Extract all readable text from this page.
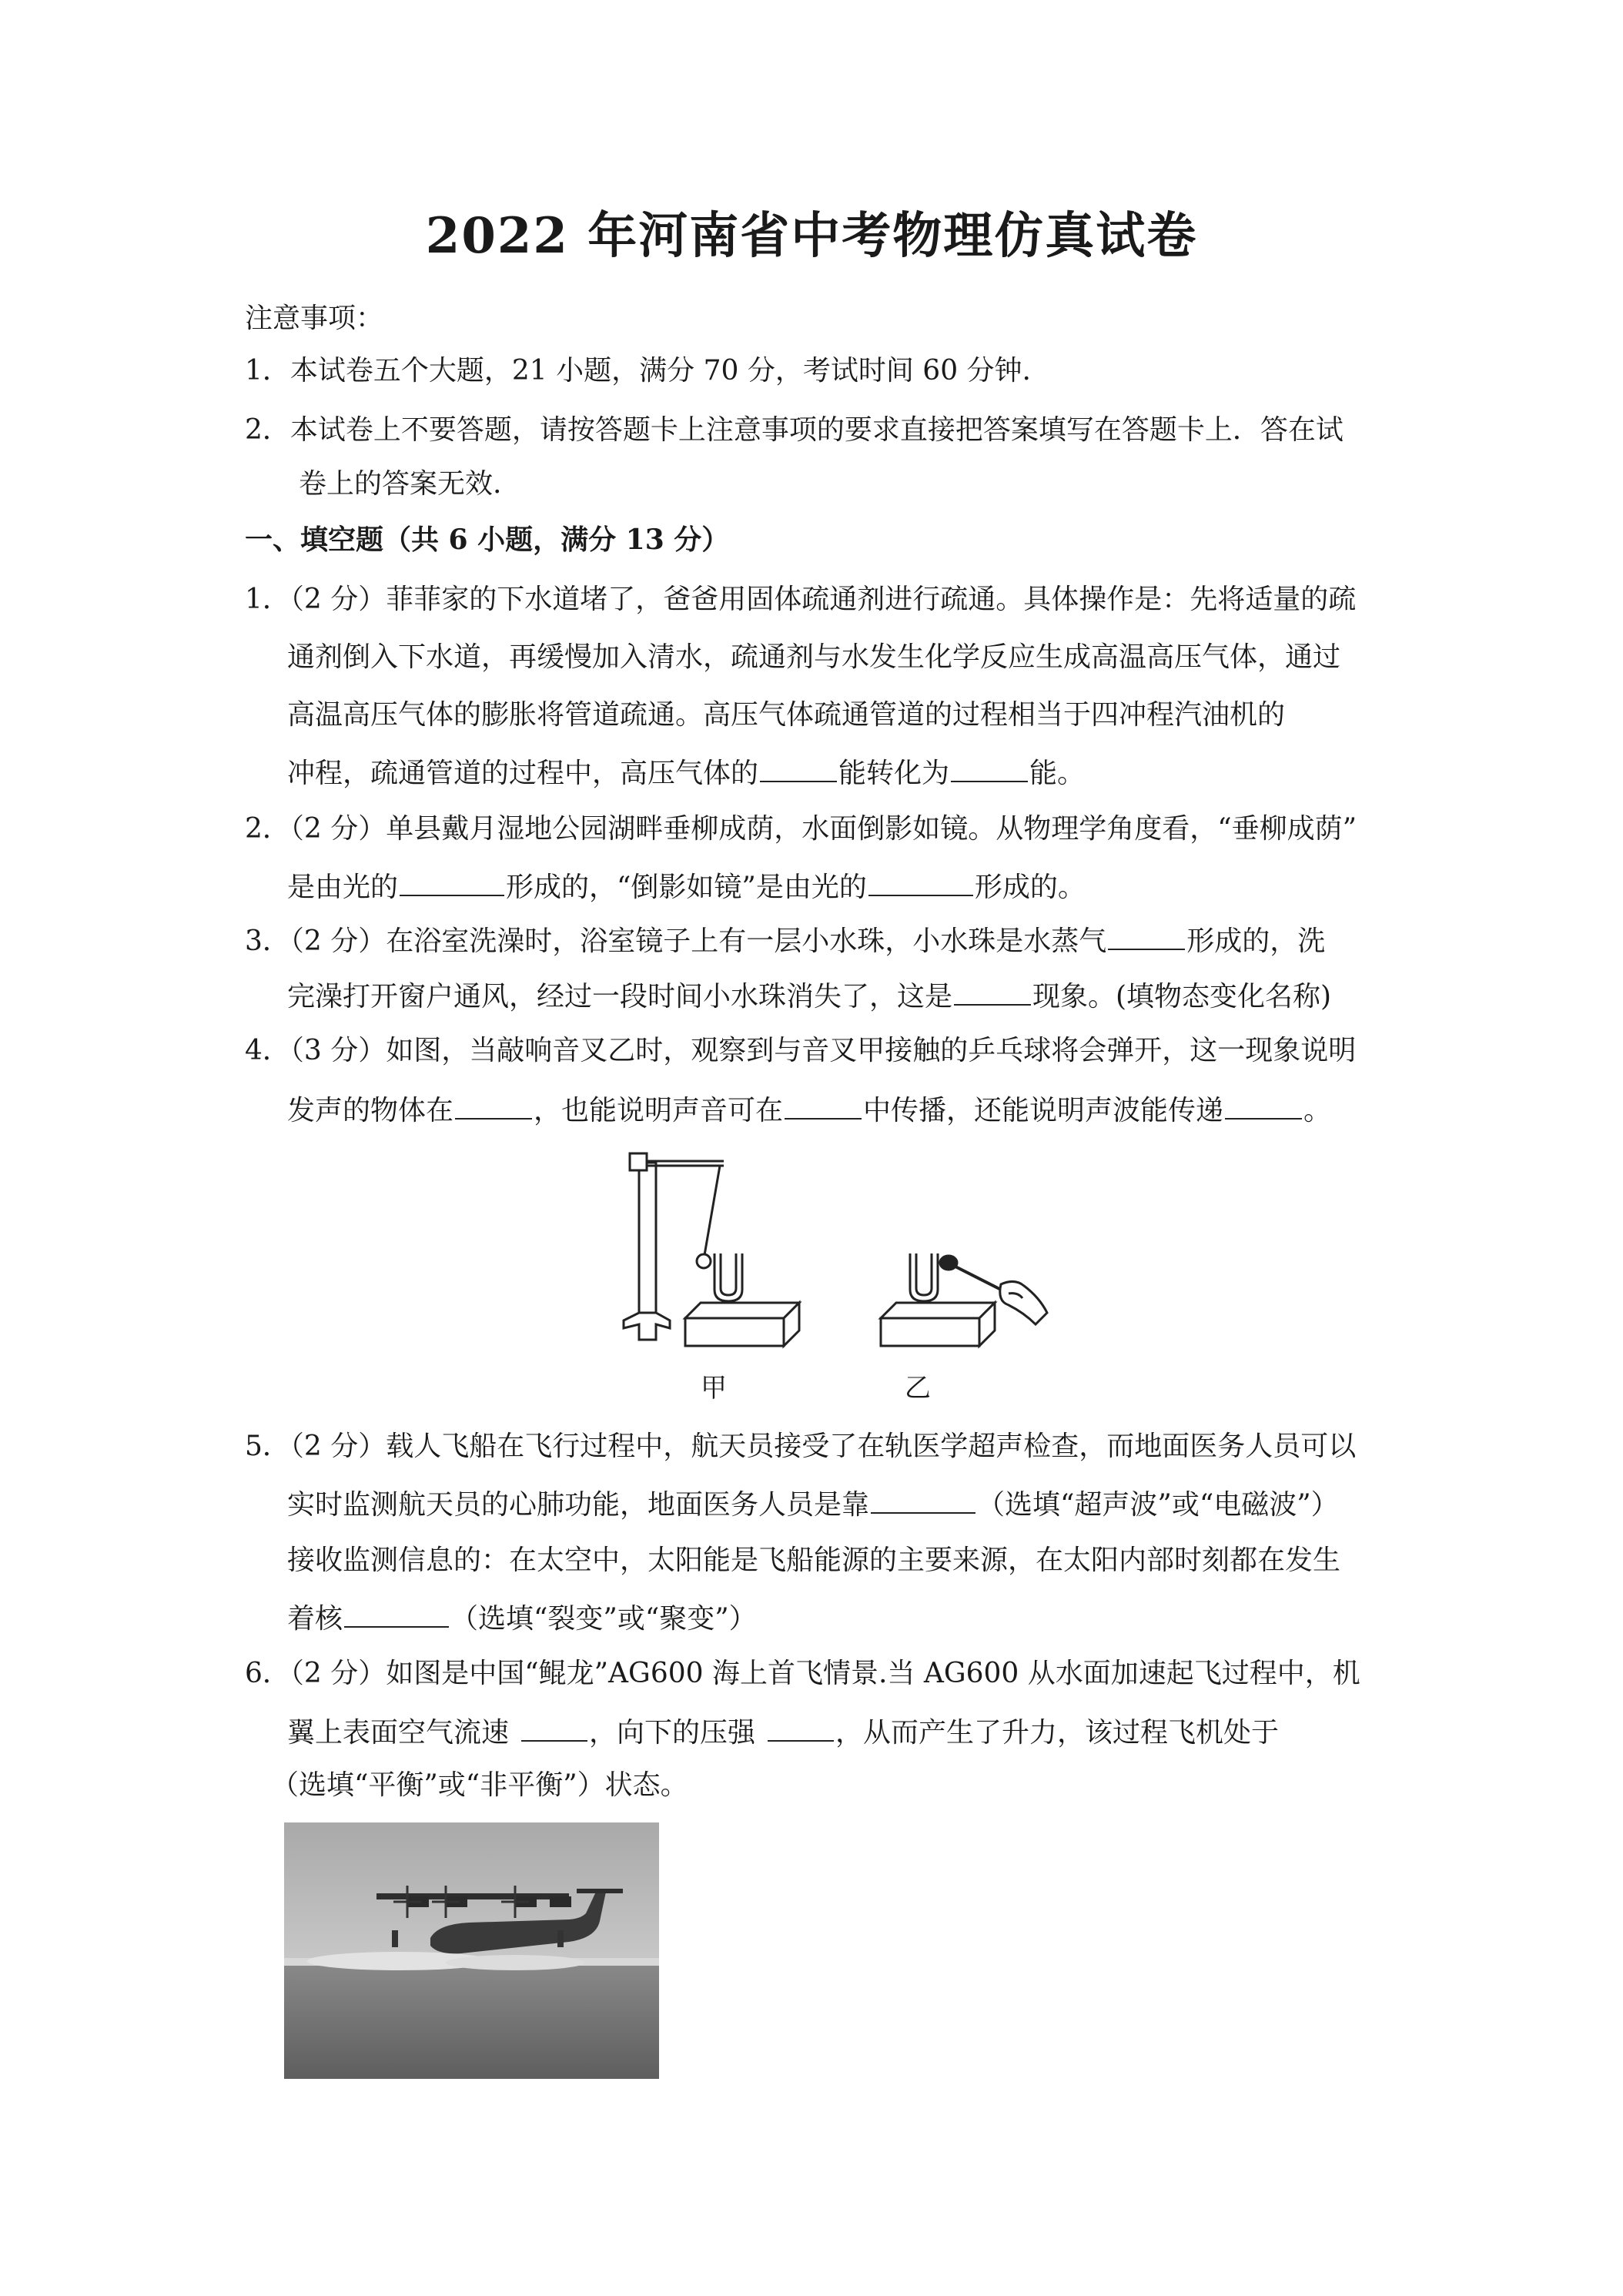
2022 年河南省中考物理仿真试卷
注意事项：
1．本试卷五个大题，21 小题，满分 70 分，考试时间 60 分钟.
2．本试卷上不要答题，请按答题卡上注意事项的要求直接把答案填写在答题卡上．答在试
卷上的答案无效.
一、填空题（共 6 小题，满分 13 分）
1．（2 分）菲菲家的下水道堵了，爸爸用固体疏通剂进行疏通。具体操作是：先将适量的疏
通剂倒入下水道，再缓慢加入清水，疏通剂与水发生化学反应生成高温高压气体，通过
高温高压气体的膨胀将管道疏通。高压气体疏通管道的过程相当于四冲程汽油机的
冲程，疏通管道的过程中，高压气体的	能转化为	能。
2．（2 分）单县戴月湿地公园湖畔垂柳成荫，水面倒影如镜。从物理学角度看，“垂柳成荫”
是由光的	形成的，“倒影如镜”是由光的	形成的。
3．（2 分）在浴室洗澡时，浴室镜子上有一层小水珠，小水珠是水蒸气	形成的，洗
完澡打开窗户通风，经过一段时间小水珠消失了，这是	现象。(填物态变化名称)
4．（3 分）如图，当敲响音叉乙时，观察到与音叉甲接触的乒乓球将会弹开，这一现象说明
发声的物体在	，也能说明声音可在	中传播，还能说明声波能传递	。
甲	乙
5．（2 分）载人飞船在飞行过程中，航天员接受了在轨医学超声检查，而地面医务人员可以
实时监测航天员的心肺功能，地面医务人员是靠	（选填“超声波”或“电磁波”）
接收监测信息的：在太空中，太阳能是飞船能源的主要来源，在太阳内部时刻都在发生
着核	（选填“裂变”或“聚变”）
6．（2 分）如图是中国“鲲龙”AG600 海上首飞情景.当 AG600 从水面加速起飞过程中，机
翼上表面空气流速	，向下的压强	，从而产生了升力，该过程飞机处于
（选填“平衡”或“非平衡”）状态。
